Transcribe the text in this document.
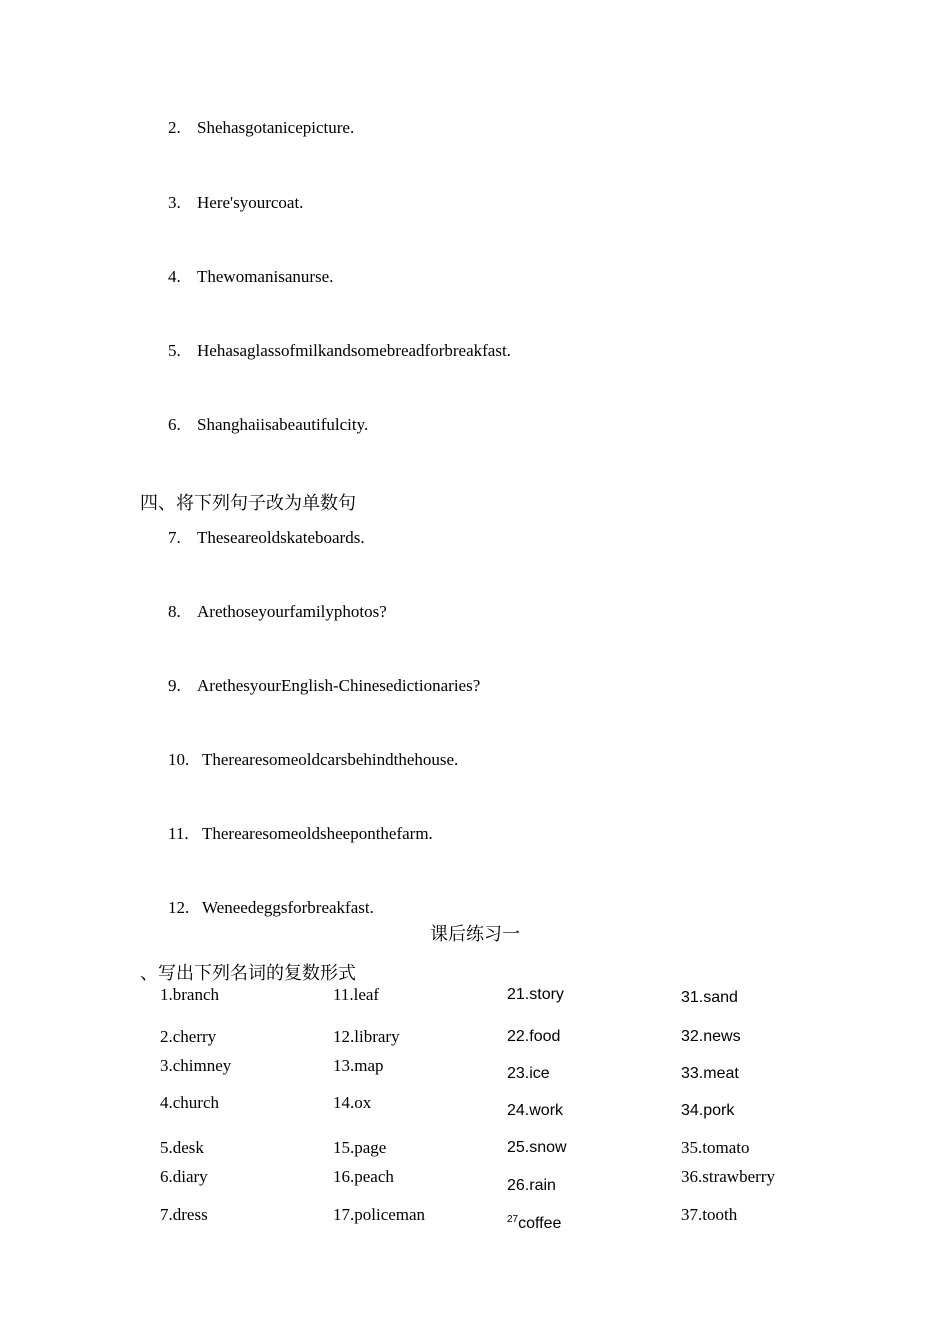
2. Shehasgotanicepicture.
3. Here'syourcoat.
4. Thewomanisanurse.
5. Hehasaglassofmilkandsomebreadforbreakfast.
6. Shanghaiisabeautifulcity.
四、将下列句子改为单数句
7. Theseareoldskateboards.
8. Arethoseyourfamilyphotos?
9. ArethesyourEnglish-Chinesedictionaries?
10. Therearesomeoldcarsbehindthehouse.
11. Therearesomeoldsheeponthefarm.
12. Weneedeggsforbreakfast.
课后练习一
、写出下列名词的复数形式
1.branch
2.cherry
3.chimney
4.church
5.desk
6.diary
7.dress
11.leaf
12.library
13.map
14.ox
15.page
16.peach
17.policeman
21.story
22.food
23.ice
24.work
25.snow
26.rain
$^{27}$coffee
31.sand
32.news
33.meat
34.pork
35.tomato
36.strawberry
37.tooth
